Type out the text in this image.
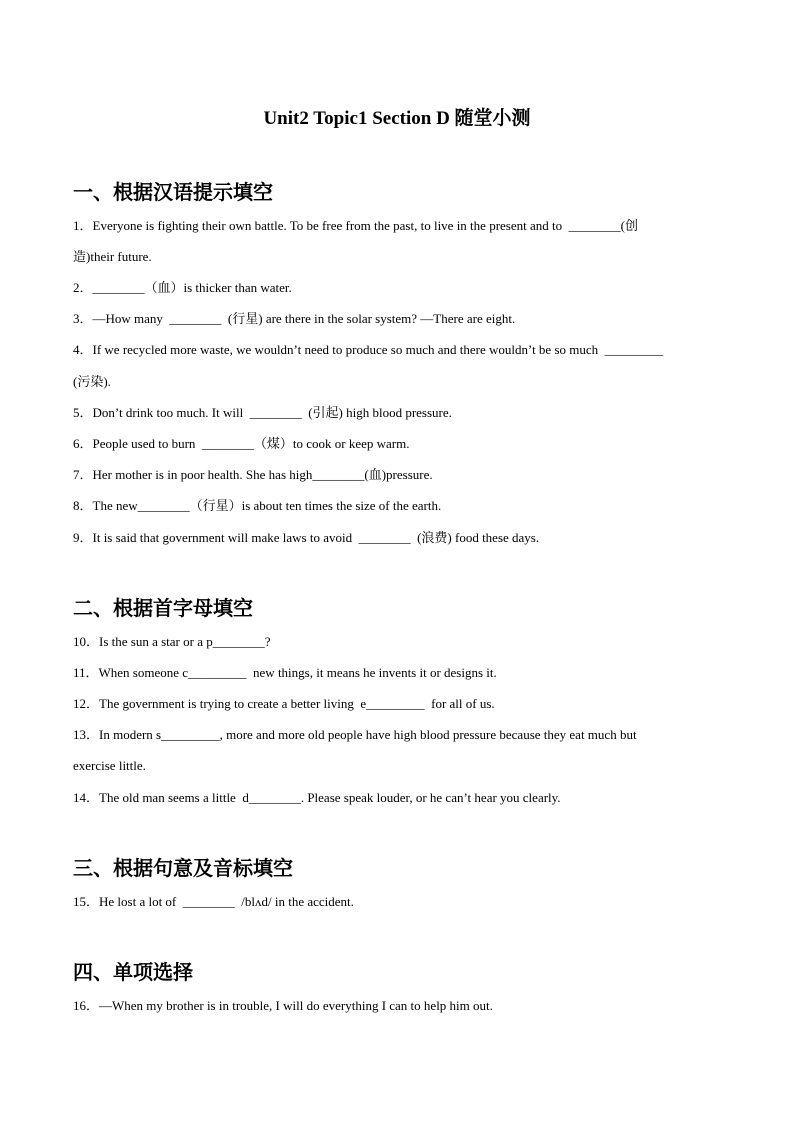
Unit2 Topic1 Section D 随堂小测
一、根据汉语提示填空

1．Everyone is fighting their own battle. To be free from the past, to live in the present and to  ________(创

造)their future.

2．________（血）is thicker than water.

3．—How many  ________  (行星) are there in the solar system? —There are eight.

4．If we recycled more waste, we wouldn’t need to produce so much and there wouldn’t be so much  _________

(污染).

5．Don’t drink too much. It will  ________  (引起) high blood pressure.

6．People used to burn  ________（煤）to cook or keep warm.

7．Her mother is in poor health. She has high________(血)pressure.

8．The new________（行星）is about ten times the size of the earth.

9．It is said that government will make laws to avoid  ________  (浪费) food these days.

二、根据首字母填空

10．Is the sun a star or a p________?

11．When someone c_________  new things, it means he invents it or designs it.

12．The government is trying to create a better living  e_________  for all of us.

13．In modern s_________, more and more old people have high blood pressure because they eat much but

exercise little.

14．The old man seems a little  d________. Please speak louder, or he can’t hear you clearly.

三、根据句意及音标填空

15．He lost a lot of  ________  /blʌd/ in the accident.

四、单项选择

16．—When my brother is in trouble, I will do everything I can to help him out.
